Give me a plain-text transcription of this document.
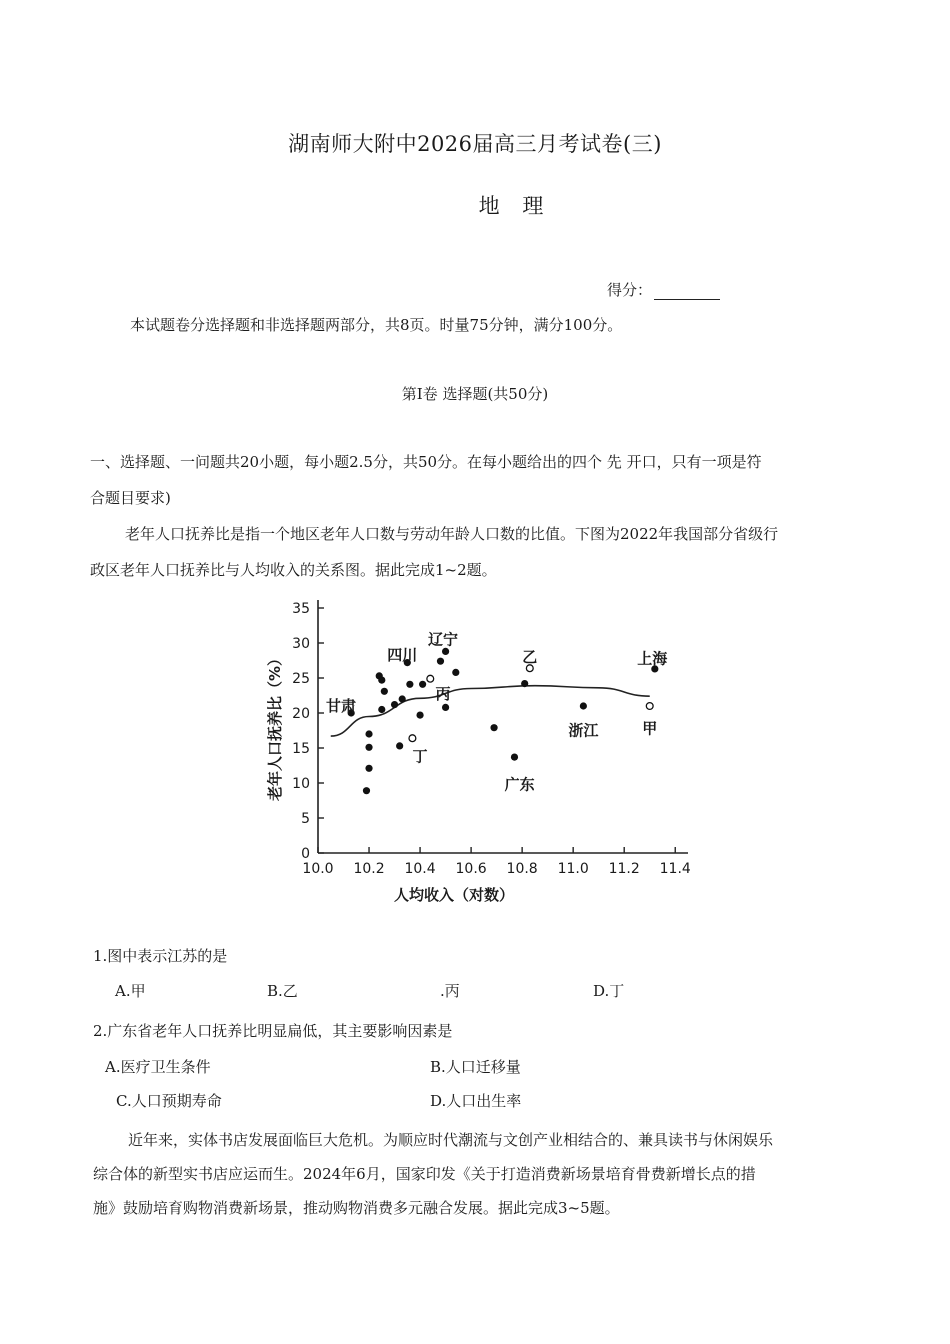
湖南师大附中2026届高三月考试卷(三)
地 理
得分：
本试题卷分选择题和非选择题两部分，共8页。时量75分钟，满分100分。
第Ⅰ卷 选择题(共50分)
一、选择题、一问题共20小题，每小题2.5分，共50分。在每小题给出的四个 先 开口，只有一项是符
合题目要求)
老年人口抚养比是指一个地区老年人口数与劳动年龄人口数的比值。下图为2022年我国部分省级行
政区老年人口抚养比与人均收入的关系图。据此完成1~2题。
10.0 10.2 10.4 10.6 10.8 11.0 11.2 11.4
0
5
10
15
20
25
30
35
甘肃
四川
辽宁
乙	上海
丙
浙江	甲
丁
广东
人均收入（对数）
老年人口抚养比（%）
1.图中表示江苏的是
A.甲	B.乙	.丙	D.丁
2.广东省老年人口抚养比明显扁低，其主要影响因素是
A.医疗卫生条件	B.人口迁移量
C.人口预期寿命	D.人口出生率
近年来，实体书店发展面临巨大危机。为顺应时代潮流与文创产业相结合的、兼具读书与休闲娱乐
综合体的新型实书店应运而生。2024年6月，国家印发《关于打造消费新场景培育骨费新增长点的措
施》鼓励培育购物消费新场景，推动购物消费多元融合发展。据此完成3~5题。
